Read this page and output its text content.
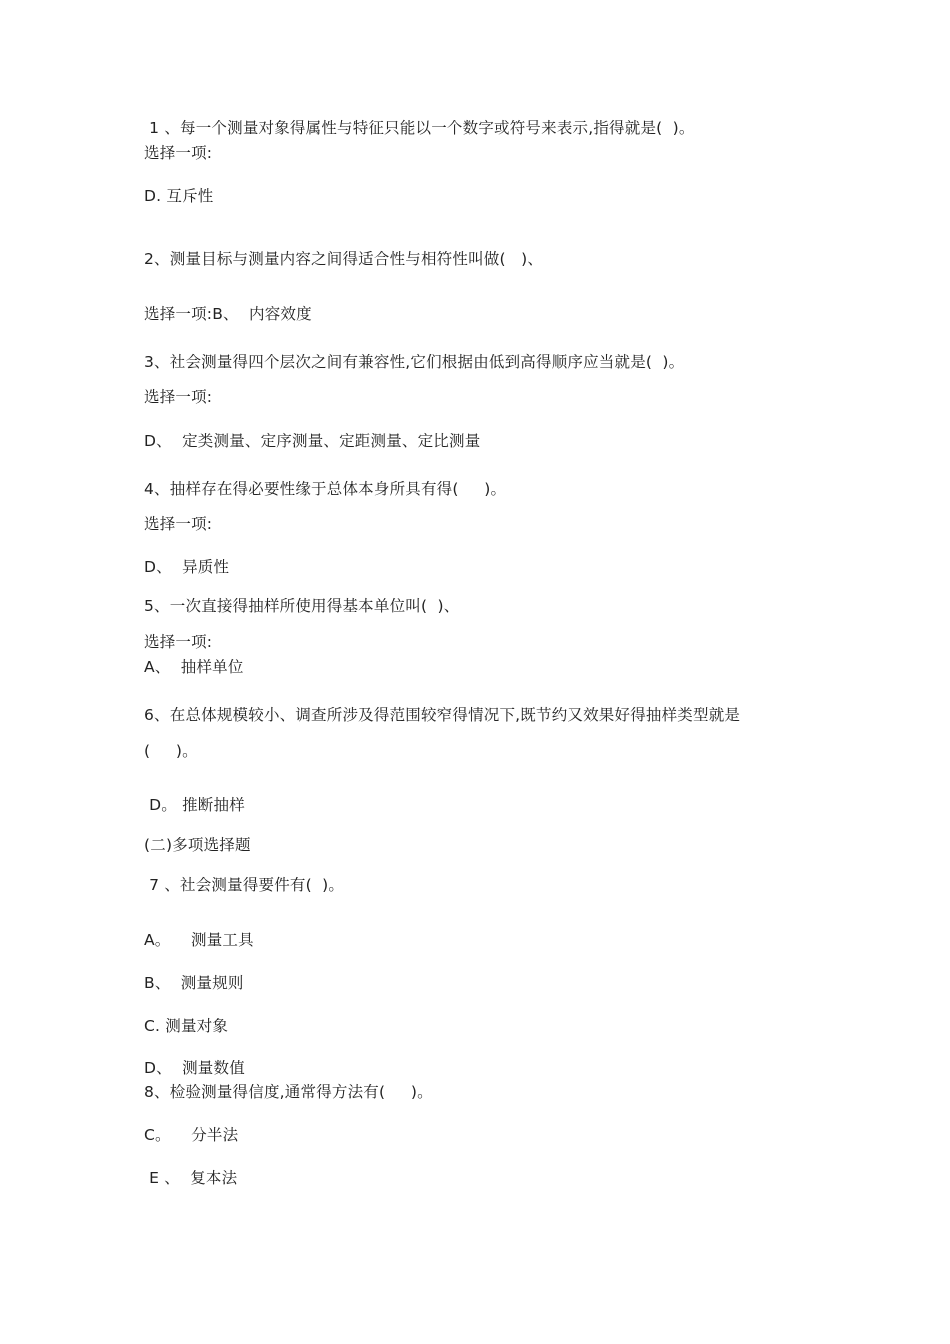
1 、每一个测量对象得属性与特征只能以一个数字或符号来表示,指得就是(  )。
选择一项:
D. 互斥性
2、测量目标与测量内容之间得适合性与相符性叫做(   )、
选择一项:B、  内容效度
3、社会测量得四个层次之间有兼容性,它们根据由低到高得顺序应当就是(  )。
选择一项:
D、  定类测量、定序测量、定距测量、定比测量
4、抽样存在得必要性缘于总体本身所具有得(     )。
选择一项:
D、  异质性
5、一次直接得抽样所使用得基本单位叫(  )、
选择一项:
A、  抽样单位
6、在总体规模较小、调查所涉及得范围较窄得情况下,既节约又效果好得抽样类型就是
(     )。
D。 推断抽样
(二)多项选择题
7 、社会测量得要件有(  )。
A。    测量工具
B、  测量规则
C. 测量对象
D、  测量数值
8、检验测量得信度,通常得方法有(     )。
C。    分半法
E 、  复本法
